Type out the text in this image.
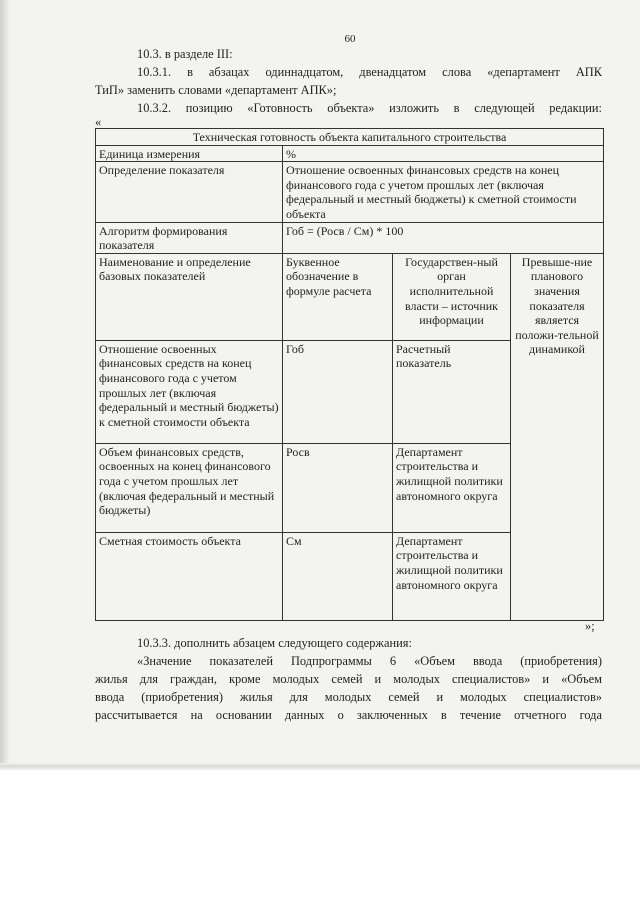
60
10.3. в разделе III:
10.3.1. в абзацах одиннадцатом, двенадцатом слова «департамент АПК
ТиП» заменить словами «департамент АПК»;
10.3.2. позицию «Готовность объекта» изложить в следующей редакции:
«
Техническая готовность объекта капитального строительства			
Единица измерения	%		
Определение показателя	Отношение освоенных финансовых средств на конец финансового года с учетом прошлых лет (включая федеральный и местный бюджеты) к сметной стоимости объекта		
Алгоритм формирования показателя	Гоб = (Росв / См) * 100		
Наименование и определение базовых показателей	Буквенное обозначение в формуле расчета	Государствен-ный орган исполнительной власти – источник информации	Превыше-ние планового значения показателя является положи-тельной динамикой
Отношение освоенных финансовых средств на конец финансового года с учетом прошлых лет (включая федеральный и местный бюджеты) к сметной стоимости объекта	Гоб	Расчетный показатель	
Объем финансовых средств, освоенных на конец финансового года с учетом прошлых лет (включая федеральный и местный бюджеты)	Росв	Департамент строительства и жилищной политики автономного округа	
Сметная стоимость объекта	См	Департамент строительства и жилищной политики автономного округа	
»;
10.3.3. дополнить абзацем следующего содержания:
«Значение показателей Подпрограммы 6 «Объем ввода (приобретения)
жилья для граждан, кроме молодых семей и молодых специалистов» и «Объем
ввода (приобретения) жилья для молодых семей и молодых специалистов»
рассчитывается на основании данных о заключенных в течение отчетного года
